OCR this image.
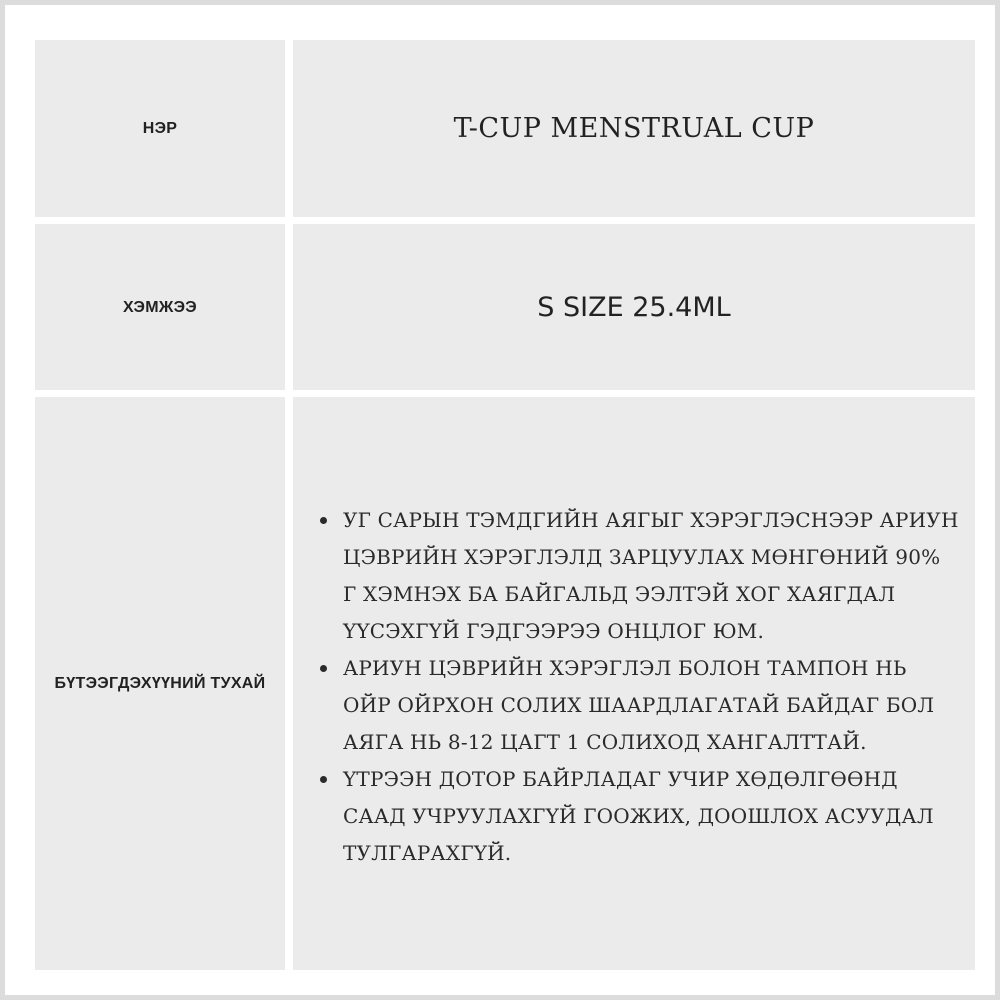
НЭР	T-CUP MENSTRUAL CUP
ХЭМЖЭЭ	S SIZE 25.4ML
БҮТЭЭГДЭХҮҮНИЙ ТУХАЙ
УГ САРЫН ТЭМДГИЙН АЯГЫГ ХЭРЭГЛЭСНЭЭР АРИУН ЦЭВРИЙН ХЭРЭГЛЭЛД ЗАРЦУУЛАХ МӨНГӨНИЙ 90% Г ХЭМНЭХ БА БАЙГАЛЬД ЭЭЛТЭЙ ХОГ ХАЯГДАЛ ҮҮСЭХГҮЙ ГЭДГЭЭРЭЭ ОНЦЛОГ ЮМ.
АРИУН ЦЭВРИЙН ХЭРЭГЛЭЛ БОЛОН ТАМПОН НЬ ОЙР ОЙРХОН СОЛИХ ШААРДЛАГАТАЙ БАЙДАГ БОЛ АЯГА НЬ 8-12 ЦАГТ 1 СОЛИХОД ХАНГАЛТТАЙ.
ҮТРЭЭН ДОТОР БАЙРЛАДАГ УЧИР ХӨДӨЛГӨӨНД СААД УЧРУУЛАХГҮЙ ГООЖИХ, ДООШЛОХ АСУУДАЛ ТУЛГАРАХГҮЙ.
